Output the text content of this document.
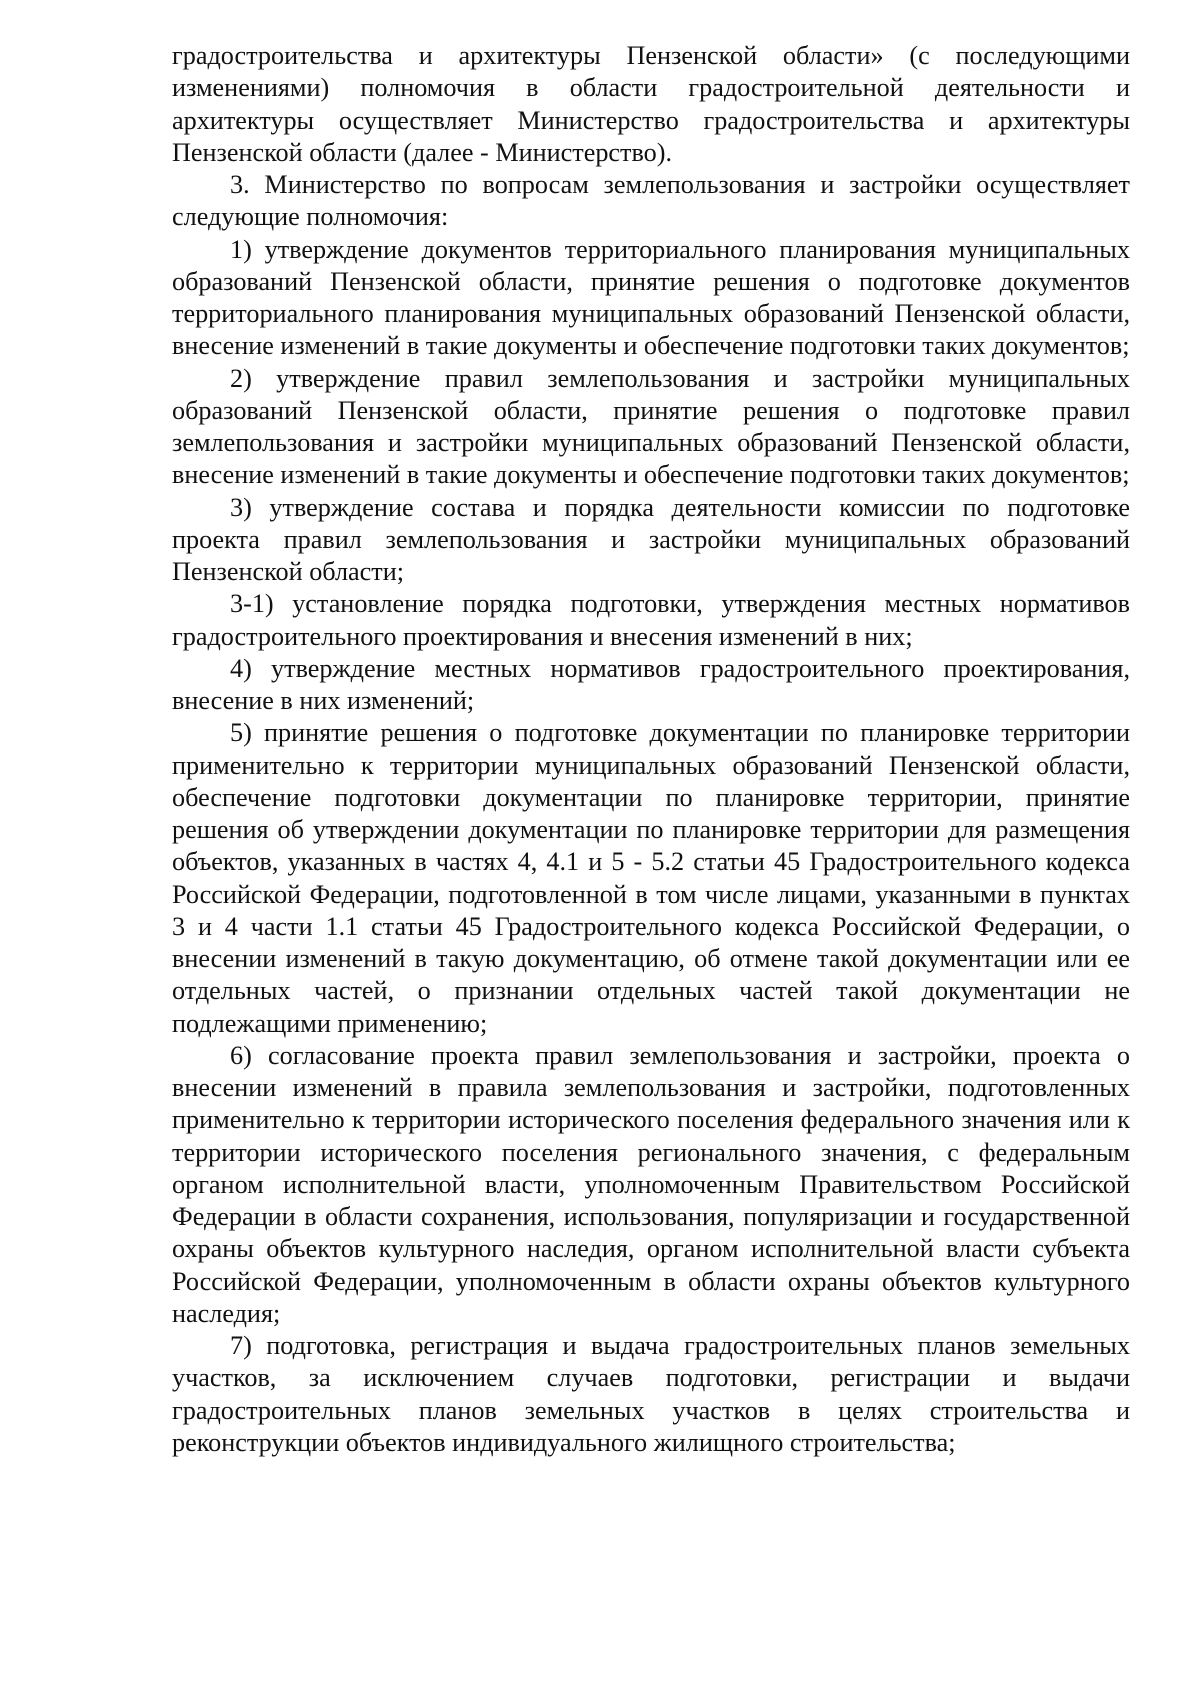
градостроительства и архитектуры Пензенской области» (с последующими изменениями) полномочия в области градостроительной деятельности и архитектуры осуществляет Министерство градостроительства и архитектуры Пензенской области (далее - Министерство).

3. Министерство по вопросам землепользования и застройки осуществляет следующие полномочия:

1) утверждение документов территориального планирования муниципальных образований Пензенской области, принятие решения о подготовке документов территориального планирования муниципальных образований Пензенской области, внесение изменений в такие документы и обеспечение подготовки таких документов;

2) утверждение правил землепользования и застройки муниципальных образований Пензенской области, принятие решения о подготовке правил землепользования и застройки муниципальных образований Пензенской области, внесение изменений в такие документы и обеспечение подготовки таких документов;

3) утверждение состава и порядка деятельности комиссии по подготовке проекта правил землепользования и застройки муниципальных образований Пензенской области;

3-1) установление порядка подготовки, утверждения местных нормативов градостроительного проектирования и внесения изменений в них;

4) утверждение местных нормативов градостроительного проектирования, внесение в них изменений;

5) принятие решения о подготовке документации по планировке территории применительно к территории муниципальных образований Пензенской области, обеспечение подготовки документации по планировке территории, принятие решения об утверждении документации по планировке территории для размещения объектов, указанных в частях 4, 4.1 и 5 - 5.2 статьи 45 Градостроительного кодекса Российской Федерации, подготовленной в том числе лицами, указанными в пунктах 3 и 4 части 1.1 статьи 45 Градостроительного кодекса Российской Федерации, о внесении изменений в такую документацию, об отмене такой документации или ее отдельных частей, о признании отдельных частей такой документации не подлежащими применению;

6) согласование проекта правил землепользования и застройки, проекта о внесении изменений в правила землепользования и застройки, подготовленных применительно к территории исторического поселения федерального значения или к территории исторического поселения регионального значения, с федеральным органом исполнительной власти, уполномоченным Правительством Российской Федерации в области сохранения, использования, популяризации и государственной охраны объектов культурного наследия, органом исполнительной власти субъекта Российской Федерации, уполномоченным в области охраны объектов культурного наследия;

7) подготовка, регистрация и выдача градостроительных планов земельных участков, за исключением случаев подготовки, регистрации и выдачи градостроительных планов земельных участков в целях строительства и реконструкции объектов индивидуального жилищного строительства;
